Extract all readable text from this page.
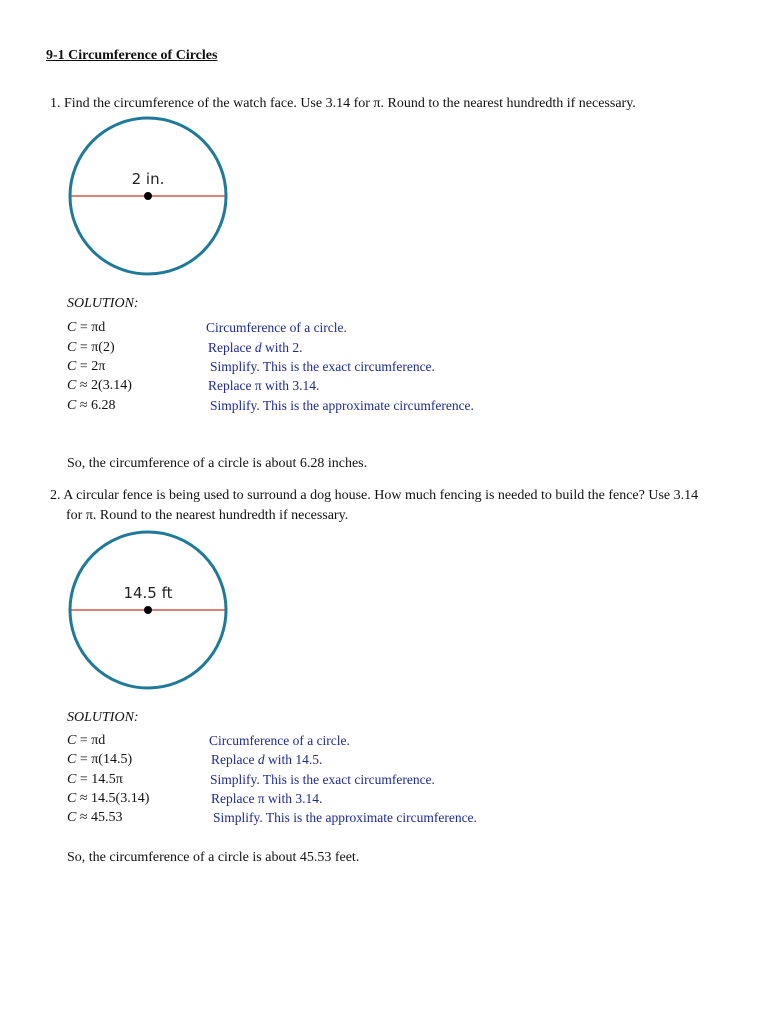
9-1 Circumference of Circles
1. Find the circumference of the watch face. Use 3.14 for π. Round to the nearest hundredth if necessary.
2 in.
SOLUTION:
C = πd	Circumference of a circle.
C = π(2)	Replace d with 2.
C = 2π	Simplify. This is the exact circumference.
C ≈ 2(3.14)	Replace π with 3.14.
C ≈ 6.28	Simplify. This is the approximate circumference.
So, the circumference of a circle is about 6.28 inches.
2. A circular fence is being used to surround a dog house. How much fencing is needed to build the fence? Use 3.14
for π. Round to the nearest hundredth if necessary.
14.5 ft
SOLUTION:
C = πd	Circumference of a circle.
C = π(14.5)	Replace d with 14.5.
C = 14.5π	Simplify. This is the exact circumference.
C ≈ 14.5(3.14)	Replace π with 3.14.
C ≈ 45.53	Simplify. This is the approximate circumference.
So, the circumference of a circle is about 45.53 feet.
